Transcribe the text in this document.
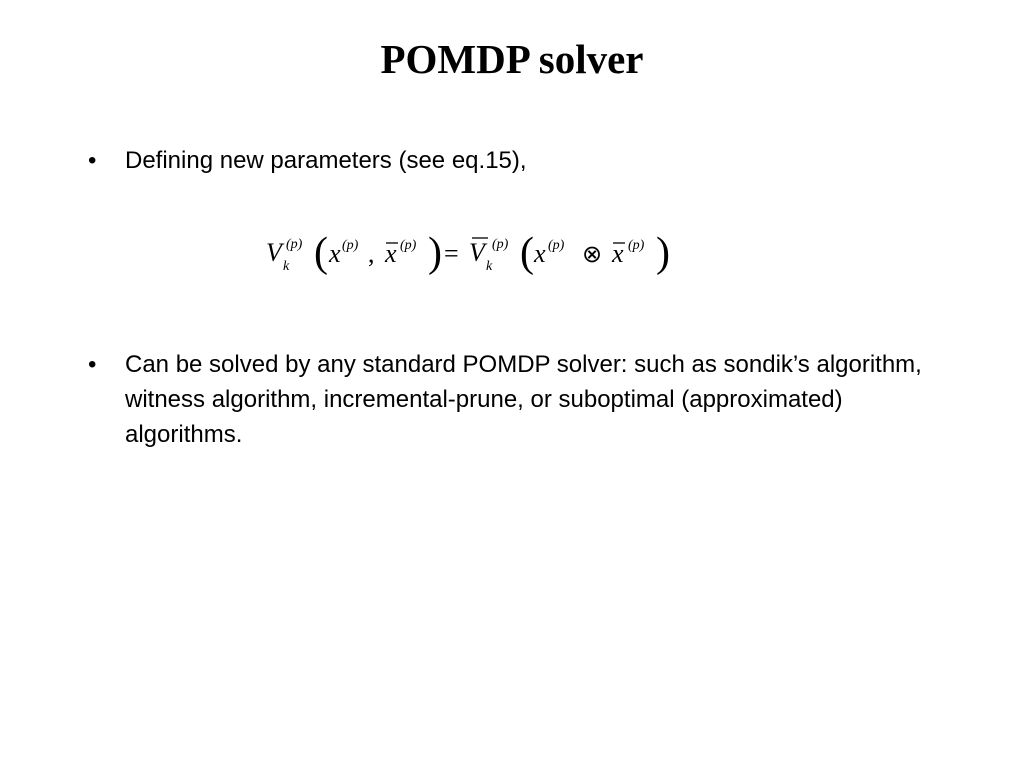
POMDP solver
•	Defining new parameters (see eq.15),
V (p)
k ( x (p) , x (p) ) = V (p)
k ( x (p) ⊗ x (p) )
•	Can be solved by any standard POMDP solver: such as sondik’s algorithm, witness algorithm, incremental-prune, or suboptimal (approximated) algorithms.
